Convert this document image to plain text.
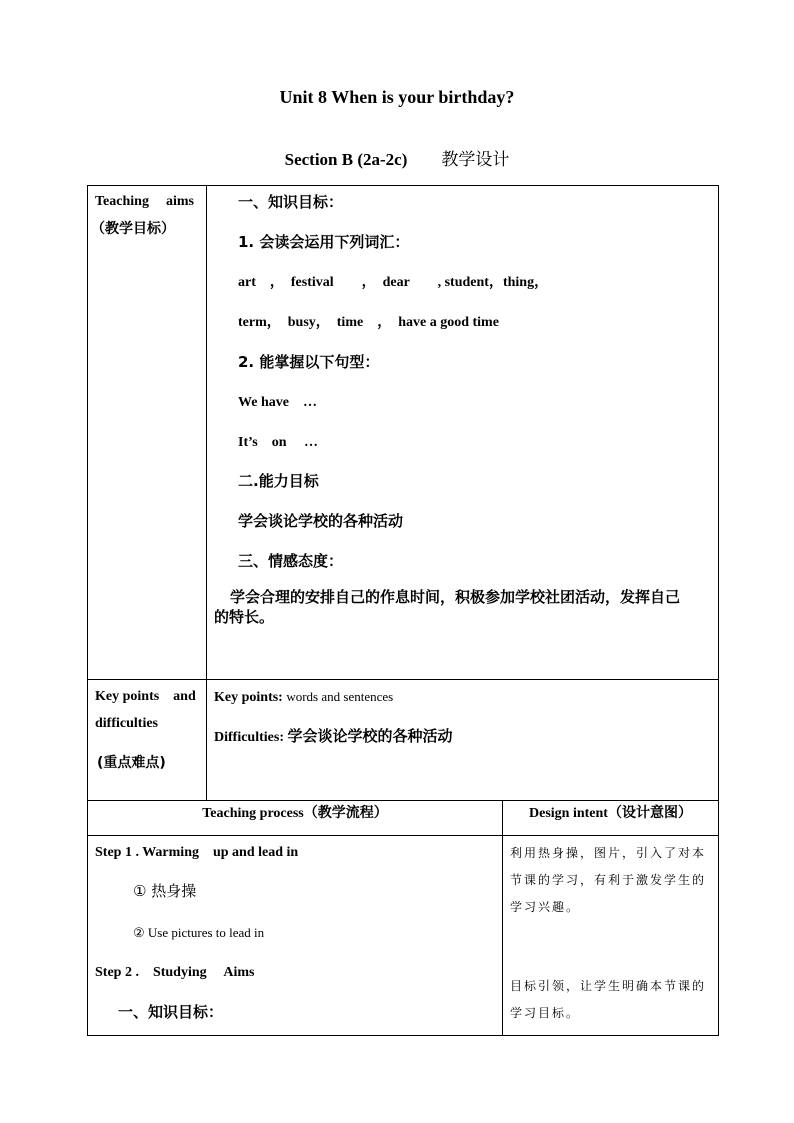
Unit 8 When is your birthday?
Section B (2a-2c) 教学设计
Teaching aims
（教学目标）
一、知识目标：
1. 会读会运用下列词汇：
art　，　festival　　，　dear　　, student，thing，
term，　busy，　time　，　have a good time
2. 能掌握以下句型：
We have　…
It’s　on　 …
二.能力目标
学会谈论学校的各种活动
三、情感态度：
学会合理的安排自己的作息时间，积极参加学校社团活动，发挥自己
的特长。
Key points　and
difficulties
(重点难点)
Key points: words and sentences
Difficulties: 学会谈论学校的各种活动
Teaching process（教学流程）	Design intent（设计意图）
Step 1 . Warming　up and lead in
① 热身操
② Use pictures to lead in
Step 2 .　Studying　 Aims
一、知识目标：
利用热身操，图片，引入了对本
节课的学习，有利于激发学生的
学习兴趣。
目标引领，让学生明确本节课的
学习目标。
